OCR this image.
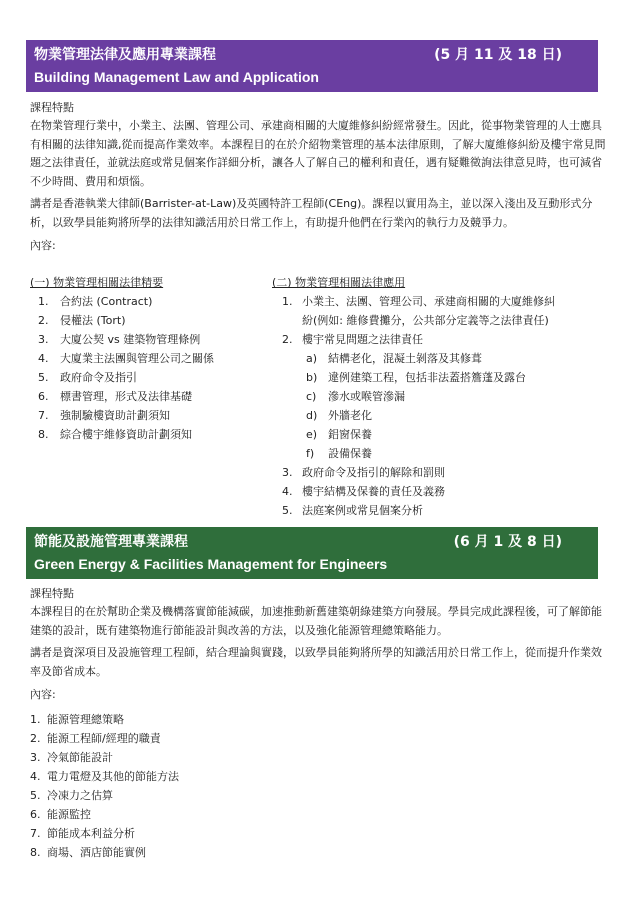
物業管理法律及應用專業課程	(5 月 11 及 18 日)
Building Management Law and Application
課程特點

在物業管理行業中，小業主、法團、管理公司、承建商相關的大廈維修糾紛經常發生。因此，從事物業管理的人士應具有相關的法律知識,從而提高作業效率。本課程目的在於介紹物業管理的基本法律原則，了解大廈維修糾紛及樓宇常見問題之法律責任，並就法庭或常見個案作詳細分析，讓各人了解自己的權利和責任，遇有疑難徵詢法律意見時，也可減省不少時間、費用和煩惱。

講者是香港執業大律師(Barrister-at-Law)及英國特許工程師(CEng)。課程以實用為主，並以深入淺出及互動形式分析，以致學員能夠將所學的法律知識活用於日常工作上，有助提升他們在行業內的執行力及競爭力。

內容:
(一) 物業管理相關法律精要
1. 合約法 (Contract)
2. 侵權法 (Tort)
3. 大廈公契 vs 建築物管理條例
4. 大廈業主法團與管理公司之關係
5. 政府命令及指引
6. 標書管理，形式及法律基礎
7. 強制驗樓資助計劃須知
8. 綜合樓宇維修資助計劃須知
(二) 物業管理相關法律應用
1. 小業主、法團、管理公司、承建商相關的大廈維修糾
紛(例如: 維修費攤分，公共部分定義等之法律責任)
2. 樓宇常見問題之法律責任
a) 結構老化，混凝土剝落及其修葺
b) 違例建築工程，包括非法蓋搭簷蓬及露台
c) 滲水或喉管滲漏
d) 外牆老化
e) 鋁窗保養
f) 設備保養
3. 政府命令及指引的解除和罰則
4. 樓宇結構及保養的責任及義務
5. 法庭案例或常見個案分析
節能及設施管理專業課程	(6 月 1 及 8 日)
Green Energy & Facilities Management for Engineers
課程特點

本課程目的在於幫助企業及機構落實節能減碳，加速推動新舊建築朝綠建築方向發展。學員完成此課程後，可了解節能建築的設計，既有建築物進行節能設計與改善的方法，以及強化能源管理總策略能力。

講者是資深項目及設施管理工程師，結合理論與實踐，以致學員能夠將所學的知識活用於日常工作上，從而提升作業效率及節省成本。

內容:
1. 能源管理總策略
2. 能源工程師/經理的職責
3. 冷氣節能設計
4. 電力電燈及其他的節能方法
5. 冷凍力之估算
6. 能源監控
7. 節能成本利益分析
8. 商場、酒店節能實例
